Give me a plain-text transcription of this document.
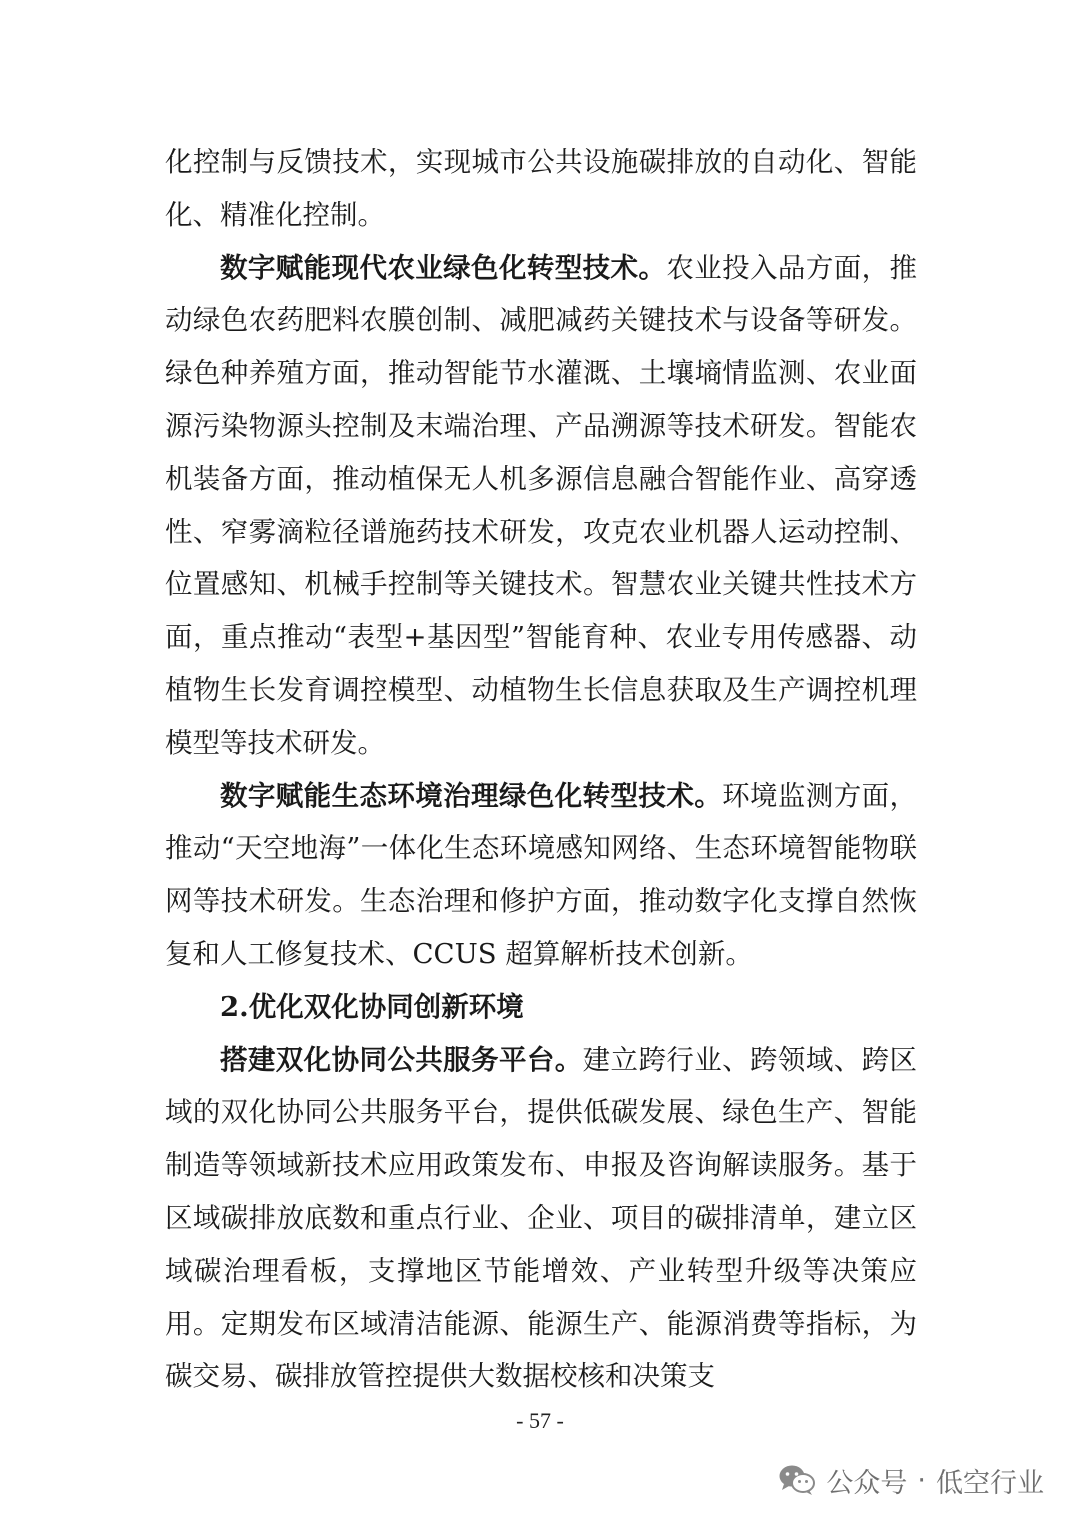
化控制与反馈技术，实现城市公共设施碳排放的自动化、智能化、精准化控制。

数字赋能现代农业绿色化转型技术。农业投入品方面，推动绿色农药肥料农膜创制、减肥减药关键技术与设备等研发。绿色种养殖方面，推动智能节水灌溉、土壤墒情监测、农业面源污染物源头控制及末端治理、产品溯源等技术研发。智能农机装备方面，推动植保无人机多源信息融合智能作业、高穿透性、窄雾滴粒径谱施药技术研发，攻克农业机器人运动控制、位置感知、机械手控制等关键技术。智慧农业关键共性技术方面，重点推动“表型+基因型”智能育种、农业专用传感器、动植物生长发育调控模型、动植物生长信息获取及生产调控机理模型等技术研发。

数字赋能生态环境治理绿色化转型技术。环境监测方面，推动“天空地海”一体化生态环境感知网络、生态环境智能物联网等技术研发。生态治理和修护方面，推动数字化支撑自然恢复和人工修复技术、CCUS 超算解析技术创新。

2.优化双化协同创新环境

搭建双化协同公共服务平台。建立跨行业、跨领域、跨区域的双化协同公共服务平台，提供低碳发展、绿色生产、智能制造等领域新技术应用政策发布、申报及咨询解读服务。基于区域碳排放底数和重点行业、企业、项目的碳排清单，建立区域碳治理看板，支撑地区节能增效、产业转型升级等决策应用。定期发布区域清洁能源、能源生产、能源消费等指标，为碳交易、碳排放管控提供大数据校核和决策支

- 57 -
公众号 · 低空行业
